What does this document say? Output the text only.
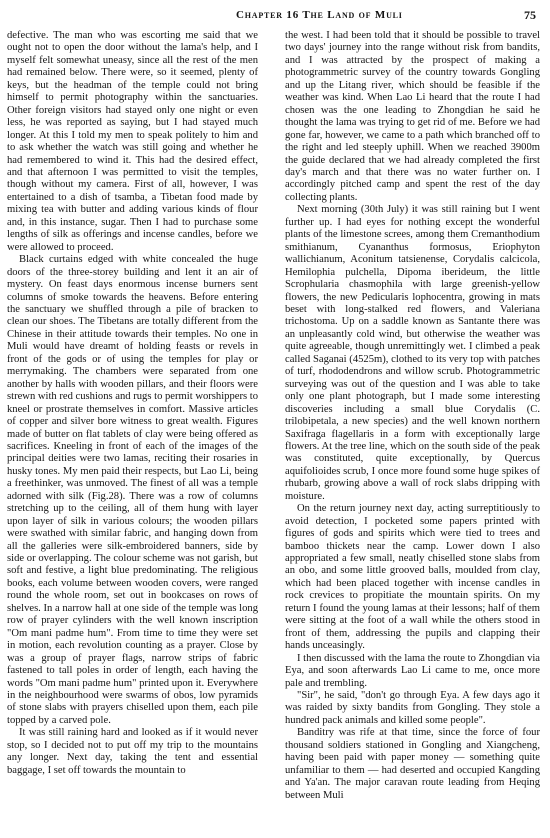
Chapter 16 The Land of Muli	75

defective. The man who was escorting me said that we ought not to open the door without the lama's help, and I myself felt somewhat uneasy, since all the rest of the men had remained below. There were, so it seemed, plenty of keys, but the headman of the temple could not bring himself to permit photography within the sanctuaries. Other foreign visitors had stayed only one night or even less, he was reported as saying, but I had stayed much longer. At this I told my men to speak politely to him and to ask whether the watch was still going and whether he had remembered to wind it. This had the desired effect, and that afternoon I was permitted to visit the temples, though without my camera. First of all, however, I was entertained to a dish of tsamba, a Tibetan food made by mixing tea with butter and adding various kinds of flour and, in this instance, sugar. Then I had to purchase some lengths of silk as offerings and incense candles, before we were allowed to proceed.

Black curtains edged with white concealed the huge doors of the three-storey building and lent it an air of mystery. On feast days enormous incense burners sent columns of smoke towards the heavens. Before entering the sanctuary we shuffled through a pile of bracken to clean our shoes. The Tibetans are totally different from the Chinese in their attitude towards their temples. No one in Muli would have dreamt of holding feasts or revels in front of the gods or of using the temples for play or merrymaking. The chambers were separated from one another by halls with wooden pillars, and their floors were strewn with red cushions and rugs to permit worshippers to kneel or prostrate themselves in comfort. Massive articles of copper and silver bore witness to great wealth. Figures made of butter on flat tablets of clay were being offered as sacrifices. Kneeling in front of each of the images of the principal deities were two lamas, reciting their rosaries in husky tones. My men paid their respects, but Lao Li, being a freethinker, was unmoved. The finest of all was a temple adorned with silk (Fig.28). There was a row of columns stretching up to the ceiling, all of them hung with layer upon layer of silk in various colours; the wooden pillars were swathed with similar fabric, and hanging down from all the galleries were silk-embroidered banners, side by side or overlapping. The colour scheme was not garish, but soft and festive, a light blue predominating. The religious books, each volume between wooden covers, were ranged round the whole room, set out in bookcases on rows of shelves. In a narrow hall at one side of the temple was long row of prayer cylinders with the well known inscription "Om mani padme hum". From time to time they were set in motion, each revolution counting as a prayer. Close by was a group of prayer flags, narrow strips of fabric fastened to tall poles in order of length, each having the words "Om mani padme hum" printed upon it. Everywhere in the neighbourhood were swarms of obos, low pyramids of stone slabs with prayers chiselled upon them, each pile topped by a carved pole.

It was still raining hard and looked as if it would never stop, so I decided not to put off my trip to the mountains any longer. Next day, taking the tent and essential baggage, I set off towards the mountain to

the west. I had been told that it should be possible to travel two days' journey into the range without risk from bandits, and I was attracted by the prospect of making a photogrammetric survey of the country towards Gongling and up the Litang river, which should be feasible if the weather was kind. When Lao Li heard that the route I had chosen was the one leading to Zhongdian he said he thought the lama was trying to get rid of me. Before we had gone far, however, we came to a path which branched off to the right and led steeply uphill. When we reached 3900m the guide declared that we had already completed the first day's march and that there was no water further on. I accordingly pitched camp and spent the rest of the day collecting plants.

Next morning (30th July) it was still raining but I went further up. I had eyes for nothing except the wonderful plants of the limestone screes, among them Cremanthodium smithianum, Cyananthus formosus, Eriophyton wallichianum, Aconitum tatsienense, Corydalis calcicola, Hemilophia pulchella, Dipoma iberideum, the little Scrophularia chasmophila with large greenish-yellow flowers, the new Pedicularis lophocentra, growing in mats beset with long-stalked red flowers, and Valeriana trichostoma. Up on a saddle known as Santante there was an unpleasantly cold wind, but otherwise the weather was quite agreeable, though unremittingly wet. I climbed a peak called Saganai (4525m), clothed to its very top with patches of turf, rhododendrons and willow scrub. Photogrammetric surveying was out of the question and I was able to take only one plant photograph, but I made some interesting discoveries including a small blue Corydalis (C. trilobipetala, a new species) and the well known northern Saxifraga flagellaris in a form with exceptionally large flowers. At the tree line, which on the south side of the peak was constituted, quite exceptionally, by Quercus aquifolioides scrub, I once more found some huge spikes of rhubarb, growing above a wall of rock slabs dripping with moisture.

On the return journey next day, acting surreptitiously to avoid detection, I pocketed some papers printed with figures of gods and spirits which were tied to trees and bamboo thickets near the camp. Lower down I also appropriated a few small, neatly chiselled stone slabs from an obo, and some little grooved balls, moulded from clay, which had been placed together with incense candles in rock crevices to propitiate the mountain spirits. On my return I found the young lamas at their lessons; half of them were sitting at the foot of a wall while the others stood in front of them, addressing the pupils and clapping their hands unceasingly.

I then discussed with the lama the route to Zhongdian via Eya, and soon afterwards Lao Li came to me, once more pale and trembling.

"Sir", he said, "don't go through Eya. A few days ago it was raided by sixty bandits from Gongling. They stole a hundred pack animals and killed some people".

Banditry was rife at that time, since the force of four thousand soldiers stationed in Gongling and Xiangcheng, having been paid with paper money — something quite unfamiliar to them — had deserted and occupied Kangding and Ya'an. The major caravan route leading from Heqing between Muli
